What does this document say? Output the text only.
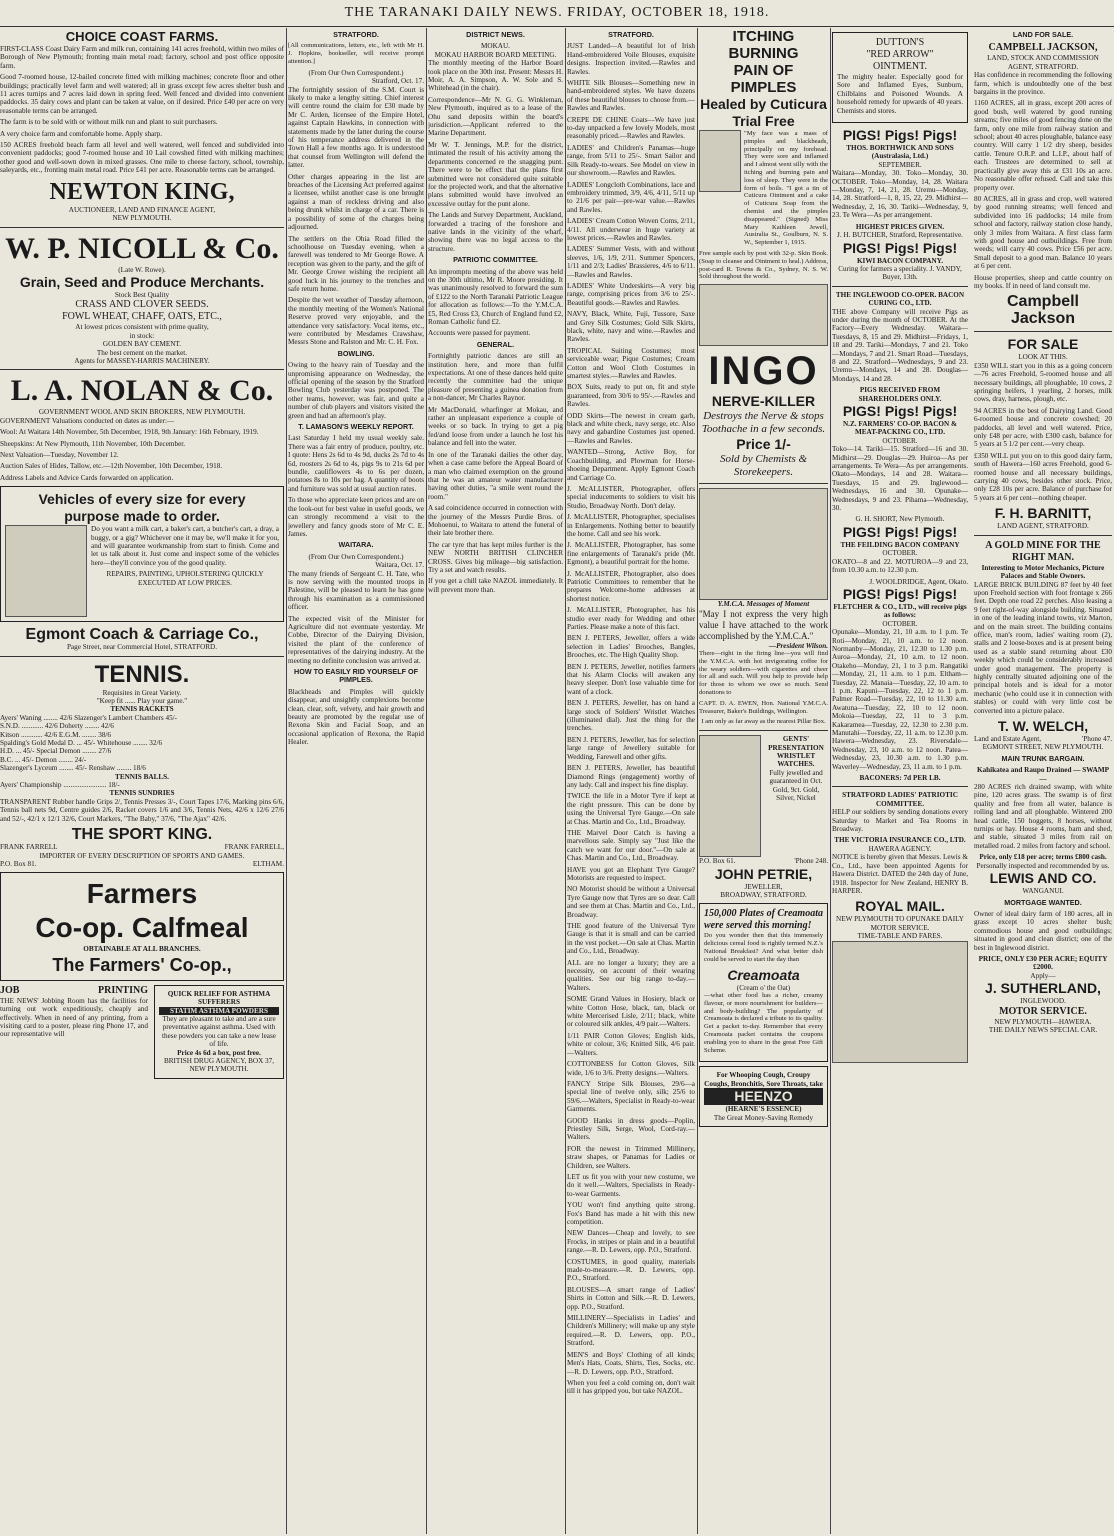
THE TARANAKI DAILY NEWS. FRIDAY, OCTOBER 18, 1918.
CHOICE COAST FARMS.

FIRST-CLASS Coast Dairy Farm and milk run, containing 141 acres freehold, within two miles of Borough of New Plymouth; fronting main metal road; factory, school and post office opposite farm.

Good 7-roomed house, 12-bailed concrete fitted with milking machines; concrete floor and other buildings; practically level farm and well watered; all in grass except few acres shelter bush and 11 acres turnips and 7 acres laid down in spring feed. Well fenced and divided into convenient paddocks. 35 dairy cows and plant can be taken at value, on if desired. Price £40 per acre on very reasonable terms can be arranged.

The farm is to be sold with or without milk run and plant to suit purchasers.

A very choice farm and comfortable home. Apply sharp.

150 ACRES freehold beach farm all level and well watered, well fenced and subdivided into convenient paddocks; good 7-roomed house and 10 Lail cowshed fitted with milking machines; other good and well-sown down in mixed grasses. One mile to cheese factory, school, township, saleyards, etc., fronting main metal road. Price £41 per acre. Reasonable terms can be arranged.

NEWTON KING,
AUCTIONEER, LAND AND FINANCE AGENT,
NEW PLYMOUTH.
W. P. NICOLL & Co.
(Late W. Rowe).
Grain, Seed and Produce Merchants.
Stock Best Quality
CRASS AND CLOVER SEEDS.
FOWL WHEAT, CHAFF, OATS, ETC.,
At lowest prices consistent with prime quality,
in stock:
GOLDEN BAY CEMENT.
The best cement on the market.
Agents for MASSEY-HARRIS MACHINERY.
L. A. NOLAN & Co.
GOVERNMENT WOOL AND SKIN BROKERS, NEW PLYMOUTH.

GOVERNMENT Valuations conducted on dates as under:—

Wool: At Waitara 14th November, 5th December, 1918, 9th January: 16th February, 1919.

Sheepskins: At New Plymouth, 11th November, 10th December.

Next Valuation—Tuesday, November 12.

Auction Sales of Hides, Tallow, etc.—12th November, 10th December, 1918.

Address Labels and Advice Cards forwarded on application.

Vehicles of every size for every
purpose made to order.

Do you want a milk cart, a baker's cart, a butcher's cart, a dray, a buggy, or a gig? Whichever one it may be, we'll make it for you, and will guarantee workmanship from start to finish. Come and let us talk about it. Just come and inspect some of the vehicles here—they'll convince you of the good quality.

REPAIRS, PAINTING, UPHOLSTERING QUICKLY EXECUTED AT LOW PRICES.

Egmont Coach & Carriage Co.,
Page Street, near Commercial Hotel, STRATFORD.
TENNIS.
Requisites in Great Variety.
"Keep fit ...... Play your game."
TENNIS RACKETS
Ayers' Waning ........ 42/6 Slazenger's Lambert Chambers 45/-
S.N.D. ............ 42/6 Doherty ........ 42/6
Kitson ............ 42/6 E.G.M. ........ 38/6
Spalding's Gold Medal D. ... 45/- Whitehouse ........ 32/6
H.D. ... 45/- Special Demon ........ 27/6
B.C. ... 45/- Demon ........ 24/-
Slazenger's Lyceum ........ 45/- Renshaw ........ 18/6
TENNIS BALLS.
Ayers' Championship ........................ 18/-
TENNIS SUNDRIES

TRANSPARENT Rubber handle Grips 2/, Tennis Presses 3/-, Court Tapes 17/6, Marking pins 6/6, Tennis ball nets 9d, Centre guides 2/6, Racket covers 1/6 and 3/6, Tennis Nets, 42/6 x 12/6 27/6 and 52/-, 42/1 x 12/1 32/6, Court Markers, "The Baby," 37/6, "The Ajax" 42/6.

THE SPORT KING.
FRANK FARRELL	FRANK FARRELL,
IMPORTER OF EVERY DESCRIPTION OF SPORTS AND GAMES.
P.O. Box 81.	ELTHAM.
Farmers
Co-op. Calfmeal
OBTAINABLE AT ALL BRANCHES.
The Farmers' Co-op.,
JOB	PRINTING

THE NEWS' Jobbing Room has the facilities for turning out work expeditiously, cheaply and effectively. When in need of any printing, from a visiting card to a poster, please ring Phone 17, and our representative will

QUICK RELIEF FOR ASTHMA SUFFERERS
STATIM ASTHMA POWDERS
They are pleasant to take and are a sure preventative against asthma. Used with these powders you can take a new lease of life.
Price 4s 6d a box, post free.
BRITISH DRUG AGENCY, BOX 37, NEW PLYMOUTH.
STRATFORD.

[All communications, letters, etc., left with Mr H. J. Hopkins, bookseller, will receive prompt attention.]

(From Our Own Correspondent.)
Stratford, Oct. 17.

The fortnightly session of the S.M. Court is likely to make a lengthy sitting. Chief interest will centre round the claim for £30 made by Mr C. Arden, licensee of the Empire Hotel, against Captain Hawkins, in connection with statements made by the latter during the course of his temperance address delivered in the Town Hall a few months ago. It is understood that counsel from Wellington will defend the latter.

Other charges appearing in the list are breaches of the Licensing Act preferred against a licensee, whilst another case is one brought against a man of reckless driving and also being drunk whilst in charge of a car. There is a possibility of some of the charges being adjourned.

The settlers on the Ohia Road filled the schoolhouse on Tuesday evening, when a farewell was tendered to Mr George Rowe. A reception was given to the party, and the gift of Mr. George Crowe wishing the recipient all good luck in his journey to the trenches and safe return home.

Despite the wet weather of Tuesday afternoon, the monthly meeting of the Women's National Reserve proved very enjoyable, and the attendance very satisfactory. Vocal items, etc., were contributed by Mesdames Crawshaw, Messrs Stone and Ralston and Mr. C. H. Fox.

BOWLING.

Owing to the heavy rain of Tuesday and the unpromising appearance on Wednesday, the official opening of the season by the Stratford Bowling Club yesterday was postponed. The other teams, however, was fair, and quite a number of club players and visitors visited the green and had an afternoon's play.

T. LAMASON'S WEEKLY REPORT.

Last Saturday I held my usual weekly sale. There was a fair entry of produce, poultry, etc. I quote: Hens 2s 6d to 4s 9d, ducks 2s 7d to 4s 6d, roosters 2s 6d to 4s, pigs 9s to 21s 6d per bundle, cauliflowers 4s to 6s per dozen, potatoes 8s to 10s per bag. A quantity of boots and furniture was sold at usual auction rates.

To those who appreciate keen prices and are on the look-out for best value in useful goods, we can strongly recommend a visit to the jewellery and fancy goods store of Mr C. E. James.

WAITARA.
(From Our Own Correspondent.)
Waitara, Oct. 17.

The many friends of Sergeant C. H. Tate, who is now serving with the mounted troops in Palestine, will be pleased to learn he has gone through his examination as a commissioned officer.

The expected visit of the Minister for Agriculture did not eventuate yesterday. Mr Cobbe, Director of the Dairying Division, visited the plant of the conference of representatives of the dairying industry. At the meeting no definite conclusion was arrived at.

HOW TO EASILY RID YOURSELF OF PIMPLES.

Blackheads and Pimples will quickly disappear, and unsightly complexions become clean, clear, soft, velvety, and hair growth and beauty are promoted by the regular use of Rexona Skin and Facial Soap, and an occasional application of Rexona, the Rapid Healer.

DISTRICT NEWS.
MOKAU.
MOKAU HARBOR BOARD MEETING.

The monthly meeting of the Harbor Board took place on the 30th inst. Present: Messrs H. Moir, A. A. Simpson, A. W. Sole and S. Whitehead (in the chair).

Correspondence—Mr N. G. G. Winkleman, New Plymouth, inquired as to a lease of the Ohu sand deposits within the board's jurisdiction.—Applicant referred to the Marine Department.

Mr W. T. Jennings, M.P. for the district, intimated the result of his activity among the departments concerned re the snagging punt. There were to be effect that the plans first submitted were not considered quite suitable for the projected work, and that the alternative plans submitted would have involved an excessive outlay for the punt alone.

The Lands and Survey Department, Auckland, forwarded a tracing of the foreshore and native lands in the vicinity of the wharf, showing there was no legal access to the structure.

PATRIOTIC COMMITTEE.

An impromptu meeting of the above was held on the 30th ultimo, Mr R. Moore presiding. It was unanimously resolved to forward the sum of £122 to the North Taranaki Patriotic League for allocation as follows:—To the Y.M.C.A. £5, Red Cross £3, Church of England fund £2, Roman Catholic fund £2.

Accounts were passed for payment.

GENERAL.

Fortnightly patriotic dances are still an institution here, and more than fulfil expectations. At one of these dances held quite recently the committee had the unique pleasure of presenting a guinea donation from a non-dancer, Mr Charles Raynor.

Mr MacDonald, wharfinger at Mokau, and rather an unpleasant experience a couple of weeks or so back. In trying to get a pig fed/and loose from under a launch he lost his balance and fell into the water.

In one of the Taranaki dailies the other day, when a case came before the Appeal Board of a man who claimed exemption on the ground that he was an amateur water manufacturer having other duties, "a smile went round the room."

A sad coincidence occurred in connection with the journey of the Messrs Purdie Bros. of Mohoenui, to Waitara to attend the funeral of their late brother there.

The car tyre that has kept miles further is the NEW NORTH BRITISH CLINCHER CROSS. Gives big mileage—big satisfaction. Try a set and watch results.

If you get a chill take NAZOL immediately. It will prevent more than.

STRATFORD.

JUST Landed—A beautiful lot of Irish Hand-embroidered Voile Blouses, exquisite designs. Inspection invited.—Rawles and Rawles.

WHITE Silk Blouses—Something new in hand-embroidered styles. We have dozens of these beautiful blouses to choose from.—Rawles and Rawles.

CREPE DE CHINE Coats—We have just to-day unpacked a few lovely Models, most reasonably priced.—Rawles and Rawles.

LADIES' and Children's Panamas—huge range, from 5/11 to 25/-. Smart Sailor and Silk Ready-to-wears. See Model on view in our showroom.—Rawles and Rawles.

LADIES' Longcloth Combinations, lace and embroidery trimmed, 3/9, 4/6, 4/11, 5/11 up to 21/6 per pair—pre-war value.—Rawles and Rawles.

LADIES' Cream Cotton Woven Coms, 2/11, 4/11. All underwear in huge variety at lowest prices.—Rawles and Rawles.

LADIES' Summer Vests, with and without sleeves, 1/6, 1/9, 2/11. Summer Spencers, 1/11 and 2/3; Ladies' Brassieres, 4/6 to 6/11.—Rawles and Rawles.

LADIES' White Underskirts—A very big range, comprising prices from 3/6 to 25/-. Beautiful goods.—Rawles and Rawles.

NAVY, Black, White, Fuji, Tussore, Saxe and Grey Silk Costumes; Gold Silk Skirts, black, white, navy and wine.—Rawles and Rawles.

TROPICAL Suiting Costumes; most serviceable wear; Pique Costumes; Cream Cotton and Wool Cloth Costumes in smartest styles.—Rawles and Rawles.

BOX Suits, ready to put on, fit and style guaranteed, from 30/6 to 95/-.—Rawles and Rawles.

ODD Skirts—The newest in cream garb, black and white check, navy serge, etc. Also navy and gabardine Costumes just opened.—Rawles and Rawles.

WANTED—Strong, Active Boy, for Coachbuilding, and Plowman for Horse-shoeing Department. Apply Egmont Coach and Carriage Co.

J. McALLISTER, Photographer, offers special inducements to soldiers to visit his Studio, Broadway North. Don't delay.

J. McALLISTER, Photographer, specialises in Enlargements. Nothing better to beautify the home. Call and see his work.

J. McALLISTER, Photographer, has some fine enlargements of Taranaki's pride (Mt. Egmont), a beautiful portrait for the home.

J. McALLISTER, Photographer, also does Patriotic Committees to remember that he prepares Welcome-home addresses at shortest notice.

J. McALLISTER, Photographer, has his studio ever ready for Wedding and other Parties. Please make a note of this fact.

BEN J. PETERS, Jeweller, offers a wide selection in Ladies' Brooches, Bangles, Brooches, etc. The High Quality Shop.

BEN J. PETERS, Jeweller, notifies farmers that his Alarm Clocks will awaken any heavy sleeper. Don't lose valuable time for want of a clock.

BEN J. PETERS, Jeweller, has on hand a large stock of Soldiers' Wristlet Watches (illuminated dial). Just the thing for the trenches.

BEN J. PETERS, Jeweller, has for selection large range of Jewellery suitable for Wedding, Farewell and other gifts.

BEN J. PETERS, Jeweller, has beautiful Diamond Rings (engagement) worthy of any lady. Call and inspect his fine display.

TWICE the life in a Motor Tyre if kept at the right pressure. This can be done by using the Universal Tyre Gauge.—On sale at Chas. Martin and Co., Ltd., Broadway.

THE Marvel Door Catch is having a marvellous sale. Simply say "Just like the catch we want for our door."—On sale at Chas. Martin and Co., Ltd., Broadway.

HAVE you got an Elephant Tyre Gauge? Motorists are requested to inspect.

NO Motorist should be without a Universal Tyre Gauge now that Tyres are so dear. Call and see them at Chas. Martin and Co., Ltd., Broadway.

THE good feature of the Universal Tyre Gauge is that it is small and can be carried in the vest pocket.—On sale at Chas. Martin and Co., Ltd., Broadway.

ALL are no longer a luxury; they are a necessity, on account of their wearing qualities. See our big range to-day.—Walters.

SOME Grand Values in Hosiery, black or white Cotton Hose, black, tan, black or white Mercerised Lisle, 2/11; black, white or coloured silk ankles, 4/9 pair.—Walters.

1/11 PAIR Cotton Gloves; English kids, white or colour, 3/6; Knitted Silk, 4/6 pair.—Walters.

COTTONBESS for Cotton Gloves, Silk wide, 1/6 to 3/6. Pretty designs.—Walters.

FANCY Stripe Silk Blouses, 29/6—a special line of twelve only, silk; 25/6 to 59/6.—Walters, Specialist in Ready-to-wear Garments.

GOOD Hanks in dress goods—Poplin, Priestley Silk, Serge, Wool, Cord-ray.—Walters.

FOR the newest in Trimmed Millinery, straw shapes, or Panamas for Ladies or Children, see Walters.

LET us fit you with your new costume, we do it well.—Walters, Specialists in Ready-to-wear Garments.

YOU won't find anything quite strong. Fox's Band has made a hit with this new competition.

NEW Dances—Cheap and lovely, to see Frocks, in stripes or plain and in a beautiful range.—R. D. Lewers, opp. P.O., Stratford.

COSTUMES, in good quality, materials made-to-measure.—R. D. Lewers, opp. P.O., Stratford.

BLOUSES—A smart range of Ladies' Shirts in Cotton and Silk.—R. D. Lewers, opp. P.O., Stratford.

MILLINERY—Specialists in Ladies' and Children's Millinery; will make up any style required.—R. D. Lewers, opp. P.O., Stratford.

MEN'S and Boys' Clothing of all kinds; Men's Hats, Coats, Shirts, Ties, Socks, etc.—R. D. Lewers, opp. P.O., Stratford.

When you feel a cold coming on, don't wait till it has gripped you, but take NAZOL.

ITCHING BURNING
PAIN OF PIMPLES
Healed by Cuticura
Trial Free

"My face was a mass of pimples and blackheads, principally on my forehead. They were sore and inflamed and I almost went silly with the itching and burning pain and loss of sleep. They were in the form of boils. "I got a tin of Cuticura Ointment and a cake of Cuticura Soap from the chemist and the pimples disappeared." (Signed) Miss Mary Kathleen Jewell, Australia St., Goulburn, N. S. W., September 1, 1915.

Free sample each by post with 32-p. Skin Book. (Soap to cleanse and Ointment to heal.) Address, post-card R. Towns & Co., Sydney, N. S. W. Sold throughout the world.

INGO
NERVE-KILLER
Destroys the Nerve & stops Toothache in a few seconds.
Price 1/-
Sold by Chemists & Storekeepers.
Y.M.C.A. Messages of Moment
"May I not express the very high value I have attached to the work accomplished by the Y.M.C.A."
—President Wilson.

There—right in the firing line—you will find the Y.M.C.A. with hot invigorating coffee for the weary soldiers—with cigarettes and cheer for all and each. Will you help to provide help for those to whom we owe so much. Send donations to

CAPT. D. A. EWEN, Hon. National Y.M.C.A. Treasurer, Baker's Buildings, Wellington.

I am only as far away as the nearest Pillar Box.

GENTS' PRESENTATION WRISTLET WATCHES.
Fully jewelled and guaranteed in Oct. Gold, 9ct. Gold, Silver, Nickel
P.O. Box 61.	'Phone 248.
JOHN PETRIE,
JEWELLER,
BROADWAY, STRATFORD.
150,000 Plates of Creamoata were served this morning!

Do you wonder then that this immensely delicious cereal food is rightly termed N.Z.'s National Breakfast? And what better dish could be served to start the day than

Creamoata
(Cream o' the Oat)

—what other food has a richer, creamy flavour, or more nourishment for builders—and body-building? The popularity of Creamoata is declared a tribute to its quality. Get a packet to-day. Remember that every Creamoata packet contains the coupons enabling you to share in the great Free Gift Scheme.

For Whooping Cough, Croupy Coughs, Bronchitis, Sore Throats, take
HEENZO
(HEARNE'S ESSENCE)
The Great Money-Saving Remedy
DUTTON'S
"RED ARROW"
OINTMENT.

The mighty healer. Especially good for Sore and Inflamed Eyes, Sunburn, Chilblains and Poisoned Wounds. A household remedy for upwards of 40 years. Chemists and stores.

PIGS! Pigs! Pigs!
THOS. BORTHWICK AND SONS (Australasia, Ltd.)
SEPTEMBER.

Waitara—Monday, 30. Toko—Monday, 30. OCTOBER. Toko—Monday, 14, 28. Waitara—Monday, 7, 14, 21, 28. Uremu—Monday, 14, 28. Stratford—1, 8, 15, 22, 29. Midhirst—Wednesday, 2, 16, 30. Tariki—Wednesday, 9, 23. Te Wera—As per arrangement.

HIGHEST PRICES GIVEN.
J. H. BUTCHER, Stratford, Representative.
PIGS! Pigs! Pigs!
KIWI BACON COMPANY.
Curing for farmers a speciality. J. VANDY, Buyer, 13th.
THE INGLEWOOD CO-OPER. BACON CURING CO., LTD.

THE above Company will receive Pigs as under during the month of OCTOBER. At the Factory—Every Wednesday. Waitara—Tuesdays, 8, 15 and 29. Midhirst—Fridays, 1, 18 and 29. Tariki—Mondays, 7 and 21. Toko—Mondays, 7 and 21. Smart Road—Tuesdays, 8 and 22. Stratford—Wednesdays, 9 and 23. Uremu—Mondays, 14 and 28. Douglas—Mondays, 14 and 28.

PIGS RECEIVED FROM SHAREHOLDERS ONLY.
PIGS! Pigs! Pigs!
N.Z. FARMERS' CO-OP. BACON & MEAT-PACKING CO., LTD.
OCTOBER.

Toko—14. Tariki—15. Stratford—16 and 30. Midhirst—29. Douglas—29. Huiroa—As per arrangements. Te Wera—As per arrangements. Okato—Mondays, 14 and 28. Waitara—Tuesdays, 15 and 29. Inglewood—Wednesdays, 16 and 30. Opunake—Wednesdays, 9 and 23. Pihama—Wednesday, 30.

G. H. SHORT, New Plymouth.
PIGS! Pigs! Pigs!
THE FEILDING BACON COMPANY
OCTOBER.

OKATO—8 and 22. MOTUROA—9 and 23, from 10.30 a.m. to 12.30 p.m.

J. WOOLDRIDGE, Agent, Okato.
PIGS! Pigs! Pigs!
FLETCHER & CO., LTD., will receive pigs as follows:
OCTOBER.

Opunake—Monday, 21, 10 a.m. to 1 p.m. Te Roti—Monday, 21, 10 a.m. to 12 noon. Normanby—Monday, 21, 12.30 to 1.30 p.m. Auroa—Monday, 21, 10 a.m. to 12 noon. Otakeho—Monday, 21, 1 to 3 p.m. Rangatiki—Monday, 21, 11 a.m. to 1 p.m. Eltham—Tuesday, 22. Manaia—Tuesday, 22, 10 a.m. to 1 p.m. Kapuni—Tuesday, 22, 12 to 1 p.m. Palmer Road—Tuesday, 22, 10 to 11.30 a.m. Awatuna—Tuesday, 22, 10 to 12 noon. Mokoia—Tuesday, 22, 11 to 3 p.m. Kakaramea—Tuesday, 22, 12.30 to 2.30 p.m. Manutahi—Tuesday, 22, 11 a.m. to 12.30 p.m. Hawera—Wednesday, 23. Riversdale—Wednesday, 23, 10 a.m. to 12 noon. Patea—Wednesday, 23, 10.30 a.m. to 1.30 p.m. Waverley—Wednesday, 23, 11 a.m. to 1 p.m.

BACONERS: 7d PER LB.
STRATFORD LADIES' PATRIOTIC COMMITTEE.

HELP our soldiers by sending donations every Saturday to Market and Tea Rooms in Broadway.

THE VICTORIA INSURANCE CO., LTD.
HAWERA AGENCY.

NOTICE is hereby given that Messrs. Lewis & Co., Ltd., have been appointed Agents for Hawera District. DATED the 24th day of June, 1918. Inspector for New Zealand, HENRY B. HARPER.

ROYAL MAIL.
NEW PLYMOUTH TO OPUNAKE DAILY MOTOR SERVICE.
TIME-TABLE AND FARES.
LAND FOR SALE.
CAMPBELL JACKSON,
LAND, STOCK AND COMMISSION AGENT, STRATFORD.

Has confidence in recommending the following farm, which is undoubtedly one of the best bargains in the province.

1160 ACRES, all in grass, except 200 acres of good bush, well watered by good running streams; five miles of good fencing done on the farm, only one mile from railway station and school; about 40 acres ploughable, balance easy country. Will carry 1 1/2 dry sheep, besides cattle. Tenure O.R.P. and L.I.P., about half of each. Trustees are determined to sell at practically give away this at £31 10s an acre. No reasonable offer refused. Call and take this property over.

80 ACRES, all in grass and crop, well watered by good running streams; well fenced and subdivided into 16 paddocks; 14 mile from school and factory, railway station close handy, only 3 miles from Waitara. A first class farm with good house and outbuildings. Free from weeds; will carry 40 cows. Price £56 per acre. Small deposit to a good man. Balance 10 years at 6 per cent.

House properties, sheep and cattle country on my books. If in need of land consult me.

Campbell Jackson
FOR SALE
LOOK AT THIS.

£350 WILL start you in this as a going concern—76 acres Freehold, 5-roomed house and all necessary buildings, all ploughable, 10 cows, 2 springing heifers, 1 yearling, 2 horses, milk cows, dray, harness, plough, etc.

94 ACRES in the best of Dairying Land. Good 6-roomed house and concrete cowshed; 20 paddocks, all level and well watered. Price, only £48 per acre, with £300 cash, balance for 5 years at 5 1/2 per cent.—very cheap.

£350 WILL put you on to this good dairy farm, south of Hawera—160 acres Freehold, good 6-roomed house and all necessary buildings, carrying 40 cows, besides other stock. Price, only £28 10s per acre. Balance of purchase for 5 years at 6 per cent—nothing cheaper.

F. H. BARNITT,
LAND AGENT, STRATFORD.
A GOLD MINE FOR THE RIGHT MAN.
Interesting to Motor Mechanics, Picture Palaces and Stable Owners.

LARGE BRICK BUILDING 87 feet by 40 feet upon Freehold section with foot frontage x 266 feet. Depth one road 22 perches. Also leasing a 9 feet right-of-way alongside building. Situated in one of the leading inland towns, viz Marton, and on the main street. The building contains office, man's room, ladies' waiting room (2), stalls and 2 loose-boxes and is at present being used as a stable stand returning about £30 weekly which could be considerably increased under good management. The property is highly centrally situated adjoining one of the principal hotels and is ideal for a motor mechanic (who could use it in connection with stables) or could with very little cost be converted into a picture palace.

T. W. WELCH,
Land and Estate Agent,	'Phone 47.
EGMONT STREET, NEW PLYMOUTH.
MAIN TRUNK BARGAIN.
Kahikatea and Raupo Drained — SWAMP —

280 ACRES rich drained swamp, with white pine, 120 acres grass. The swamp is of first quality and free from all water, balance is rolling land and all ploughable. Wintered 200 head cattle, 150 hoggets, 8 horses, without turnips or hay. House 4 rooms, barn and shed, and stable, situated 3 miles from rail on metalled road. 2 miles from factory and school.

Price, only £18 per acre; terms £800 cash.
Personally inspected and recommended by us.
LEWIS AND CO.
WANGANUI.
MORTGAGE WANTED.

Owner of ideal dairy farm of 180 acres, all in grass except 10 acres shelter bush; commodious house and good outbuildings; situated in good and clean district; one of the best in Inglewood district.

PRICE, ONLY £30 PER ACRE; EQUITY £2000.
Apply—
J. SUTHERLAND,
INGLEWOOD.
MOTOR SERVICE.
NEW PLYMOUTH—HAWERA.
THE DAILY NEWS SPECIAL CAR.
